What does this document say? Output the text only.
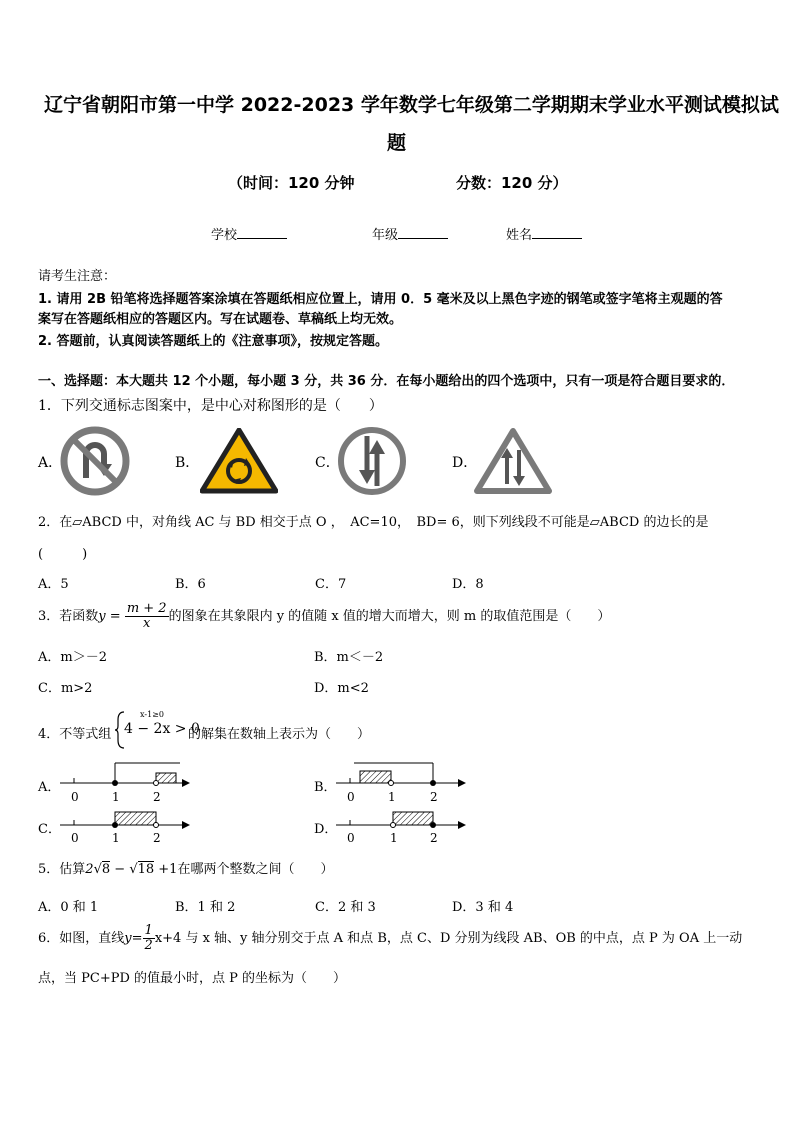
辽宁省朝阳市第一中学 2022-2023 学年数学七年级第二学期期末学业水平测试模拟试
题
（时间：120 分钟	分数：120 分）
学校	年级	姓名
请考生注意：
1. 请用 2B 铅笔将选择题答案涂填在答题纸相应位置上，请用 0．5 毫米及以上黑色字迹的钢笔或签字笔将主观题的答
案写在答题纸相应的答题区内。写在试题卷、草稿纸上均无效。
2. 答题前，认真阅读答题纸上的《注意事项》，按规定答题。
一、选择题：本大题共 12 个小题，每小题 3 分，共 36 分．在每小题给出的四个选项中，只有一项是符合题目要求的．
1．下列交通标志图案中，是中心对称图形的是（　　）
A．	B．	C．	D．
2．在▱ABCD 中，对角线 AC 与 BD 相交于点 O ，　AC=10，　BD= 6，则下列线段不可能是▱ABCD 的边长的是
(　　　)
A．5	B．6	C．7	D．8
3．若函数$y = \frac{m + 2}{x}$ 的图象在其象限内 y 的值随 x 值的增大而增大，则 m 的取值范围是（　　）
A．m＞－2	B．m＜－2
C．m>2	D．m<2
4．不等式组
x-1≥0
4 − 2x > 0
的解集在数轴上表示为（　　）
A．
0	1	2
B．
0	1	2
C．
0	1	2
D．
0	1	2
5．估算2√8 − √18 +1在哪两个整数之间（　　）
A．0 和 1	B．1 和 2	C．2 和 3	D．3 和 4
6．如图，直线$y= \frac{1}{2} x+4$ 与 x 轴、y 轴分别交于点 A 和点 B，点 C、D 分别为线段 AB、OB 的中点，点 P 为 OA 上一动
点，当 PC+PD 的值最小时，点 P 的坐标为（　　）
